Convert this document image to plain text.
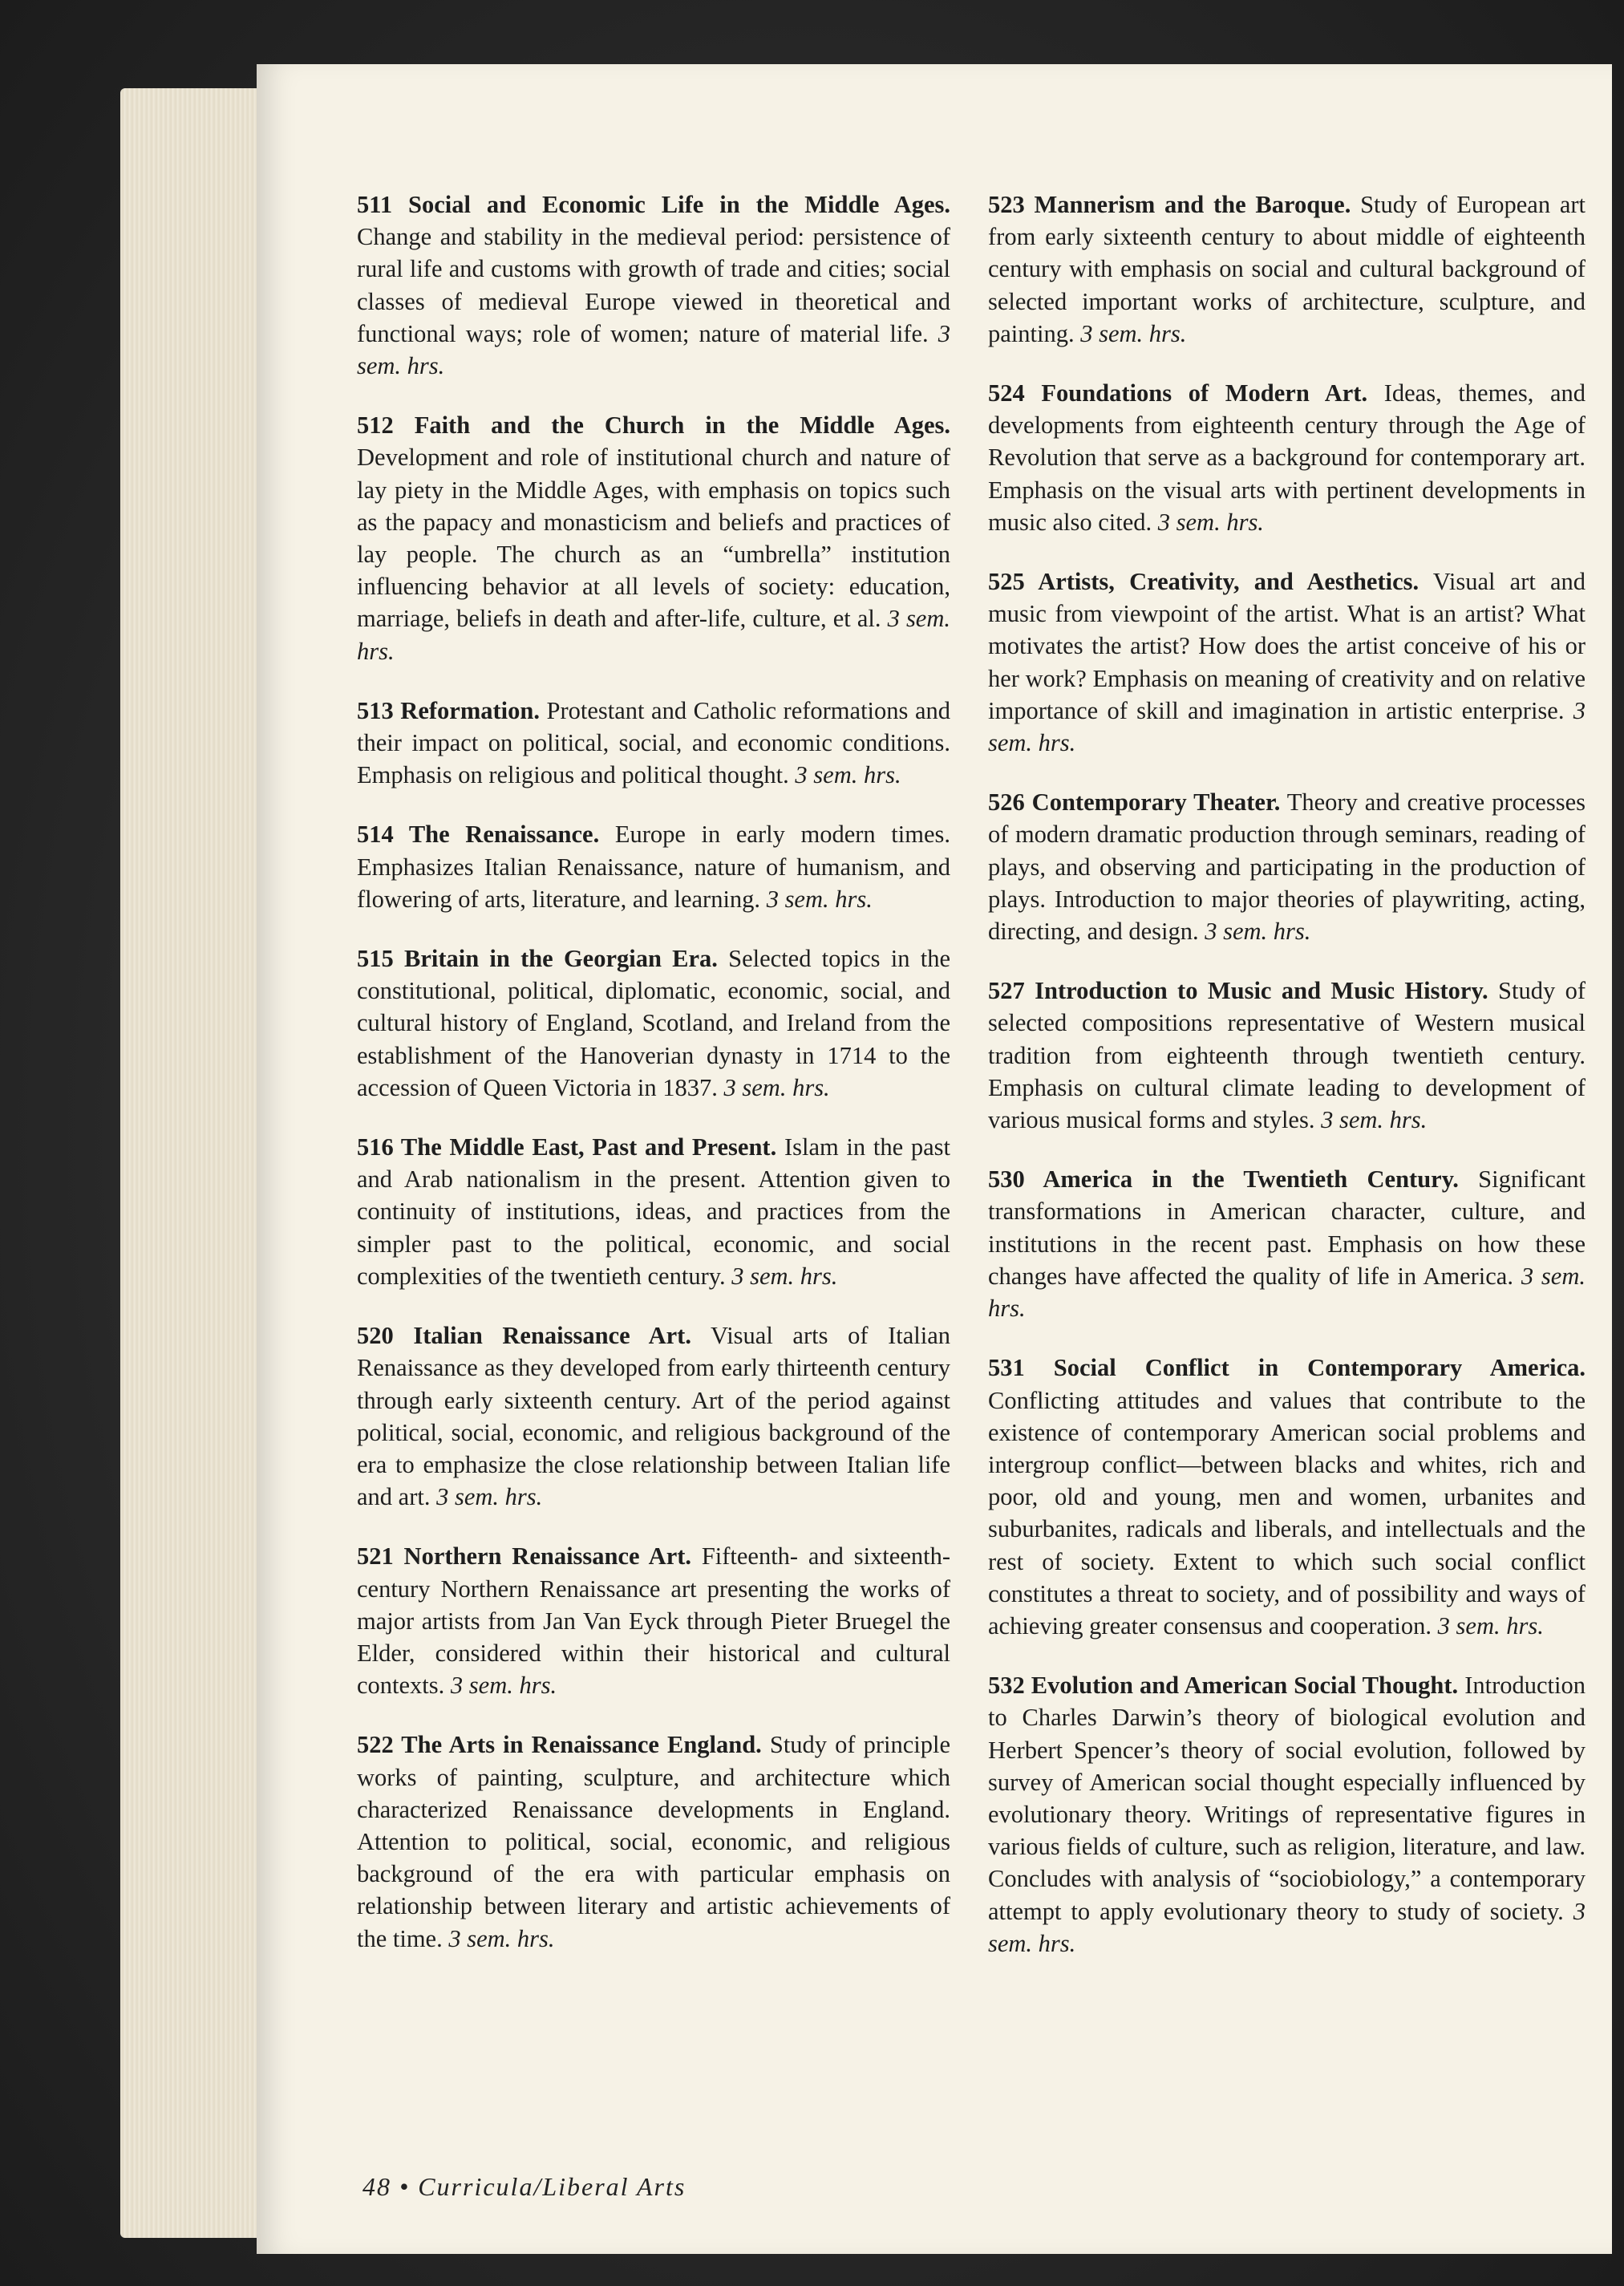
511 Social and Economic Life in the Middle Ages. Change and stability in the medieval period: persistence of rural life and customs with growth of trade and cities; social classes of medieval Europe viewed in theoretical and functional ways; role of women; nature of material life. 3 sem. hrs.

512 Faith and the Church in the Middle Ages. Development and role of institutional church and nature of lay piety in the Middle Ages, with emphasis on topics such as the papacy and monasticism and beliefs and practices of lay people. The church as an “umbrella” institution influencing behavior at all levels of society: education, marriage, beliefs in death and after-life, culture, et al. 3 sem. hrs.

513 Reformation. Protestant and Catholic reformations and their impact on political, social, and economic conditions. Emphasis on religious and political thought. 3 sem. hrs.

514 The Renaissance. Europe in early modern times. Emphasizes Italian Renaissance, nature of humanism, and flowering of arts, literature, and learning. 3 sem. hrs.

515 Britain in the Georgian Era. Selected topics in the constitutional, political, diplomatic, economic, social, and cultural history of England, Scotland, and Ireland from the establishment of the Hanoverian dynasty in 1714 to the accession of Queen Victoria in 1837. 3 sem. hrs.

516 The Middle East, Past and Present. Islam in the past and Arab nationalism in the present. Attention given to continuity of institutions, ideas, and practices from the simpler past to the political, economic, and social complexities of the twentieth century. 3 sem. hrs.

520 Italian Renaissance Art. Visual arts of Italian Renaissance as they developed from early thirteenth century through early sixteenth century. Art of the period against political, social, economic, and religious background of the era to emphasize the close relationship between Italian life and art. 3 sem. hrs.

521 Northern Renaissance Art. Fifteenth- and sixteenth-century Northern Renaissance art presenting the works of major artists from Jan Van Eyck through Pieter Bruegel the Elder, considered within their historical and cultural contexts. 3 sem. hrs.

522 The Arts in Renaissance England. Study of principle works of painting, sculpture, and architecture which characterized Renaissance developments in England. Attention to political, social, economic, and religious background of the era with particular emphasis on relationship between literary and artistic achievements of the time. 3 sem. hrs.

523 Mannerism and the Baroque. Study of European art from early sixteenth century to about middle of eighteenth century with emphasis on social and cultural background of selected important works of architecture, sculpture, and painting. 3 sem. hrs.

524 Foundations of Modern Art. Ideas, themes, and developments from eighteenth century through the Age of Revolution that serve as a background for contemporary art. Emphasis on the visual arts with pertinent developments in music also cited. 3 sem. hrs.

525 Artists, Creativity, and Aesthetics. Visual art and music from viewpoint of the artist. What is an artist? What motivates the artist? How does the artist conceive of his or her work? Emphasis on meaning of creativity and on relative importance of skill and imagination in artistic enterprise. 3 sem. hrs.

526 Contemporary Theater. Theory and creative processes of modern dramatic production through seminars, reading of plays, and observing and participating in the production of plays. Introduction to major theories of playwriting, acting, directing, and design. 3 sem. hrs.

527 Introduction to Music and Music History. Study of selected compositions representative of Western musical tradition from eighteenth through twentieth century. Emphasis on cultural climate leading to development of various musical forms and styles. 3 sem. hrs.

530 America in the Twentieth Century. Significant transformations in American character, culture, and institutions in the recent past. Emphasis on how these changes have affected the quality of life in America. 3 sem. hrs.

531 Social Conflict in Contemporary America. Conflicting attitudes and values that contribute to the existence of contemporary American social problems and intergroup conflict—between blacks and whites, rich and poor, old and young, men and women, urbanites and suburbanites, radicals and liberals, and intellectuals and the rest of society. Extent to which such social conflict constitutes a threat to society, and of possibility and ways of achieving greater consensus and cooperation. 3 sem. hrs.

532 Evolution and American Social Thought. Introduction to Charles Darwin’s theory of biological evolution and Herbert Spencer’s theory of social evolution, followed by survey of American social thought especially influenced by evolutionary theory. Writings of representative figures in various fields of culture, such as religion, literature, and law. Concludes with analysis of “sociobiology,” a contemporary attempt to apply evolutionary theory to study of society. 3 sem. hrs.

48 • Curricula/Liberal Arts
